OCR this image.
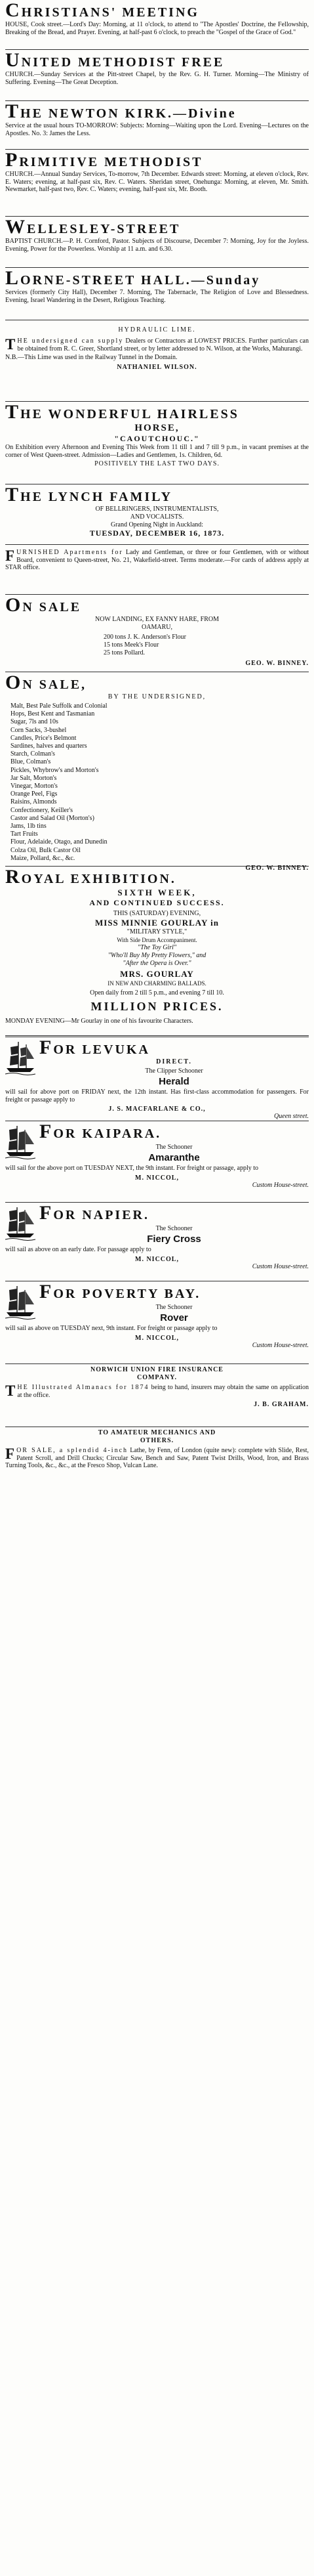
CHRISTIANS' MEETING

HOUSE, Cook street.—Lord's Day: Morning, at 11 o'clock, to attend to "The Apostles' Doctrine, the Fellowship, Breaking of the Bread, and Prayer. Evening, at half-past 6 o'clock, to preach the "Gospel of the Grace of God."

UNITED METHODIST FREE

CHURCH.—Sunday Services at the Pitt-street Chapel, by the Rev. G. H. Turner. Morning—The Ministry of Suffering. Evening—The Great Deception.

THE NEWTON KIRK.—Divine

Service at the usual hours TO-MORROW: Subjects: Morning—Waiting upon the Lord. Evening—Lectures on the Apostles. No. 3: James the Less.

PRIMITIVE METHODIST

CHURCH.—Annual Sunday Services, To-morrow, 7th December. Edwards street: Morning, at eleven o'clock, Rev. E. Waters; evening, at half-past six, Rev. C. Waters. Sheridan street, Onehunga: Morning, at eleven, Mr. Smith. Newmarket, half-past two, Rev. C. Waters; evening, half-past six, Mr. Booth.

WELLESLEY-STREET

BAPTIST CHURCH.—P. H. Cornford, Pastor. Subjects of Discourse, December 7: Morning, Joy for the Joyless. Evening, Power for the Powerless. Worship at 11 a.m. and 6.30.

LORNE-STREET HALL.—Sunday

Services (formerly City Hall), December 7. Morning, The Tabernacle, The Religion of Love and Blessedness. Evening, Israel Wandering in the Desert, Religious Teaching.

HYDRAULIC LIME.

THE undersigned can supply Dealers or Contractors at LOWEST PRICES. Further particulars can be obtained from R. C. Greer, Shortland street, or by letter addressed to N. Wilson, at the Works, Mahurangi.

N.B.—This Lime was used in the Railway Tunnel in the Domain.

NATHANIEL WILSON.
THE WONDERFUL HAIRLESS
HORSE,
"CAOUTCHOUC."

On Exhibition every Afternoon and Evening This Week from 11 till 1 and 7 till 9 p.m., in vacant premises at the corner of West Queen-street. Admission—Ladies and Gentlemen, 1s. Children, 6d.

POSITIVELY THE LAST TWO DAYS.
THE LYNCH FAMILY
OF BELLRINGERS, INSTRUMENTALISTS,
AND VOCALISTS.
Grand Opening Night in Auckland:
TUESDAY, DECEMBER 16, 1873.

FURNISHED Apartments for Lady and Gentleman, or three or four Gentlemen, with or without Board, convenient to Queen-street, No. 21, Wakefield-street. Terms moderate.—For cards of address apply at STAR office.

ON SALE
NOW LANDING, EX FANNY HARE, FROM
OAMARU,
200 tons J. K. Anderson's Flour
15 tons Meek's Flour
25 tons Pollard.
GEO. W. BINNEY.
ON SALE,
BY THE UNDERSIGNED,
Malt, Best Pale Suffolk and Colonial
Hops, Best Kent and Tasmanian
Sugar, 7ls and 10s
Corn Sacks, 3-bushel
Candles, Price's Belmont
Sardines, halves and quarters
Starch, Colman's
Blue, Colman's
Pickles, Whybrow's and Morton's
Jar Salt, Morton's
Vinegar, Morton's
Orange Peel, Figs
Raisins, Almonds
Confectionery, Keiller's
Castor and Salad Oil (Morton's)
Jams, 1lb tins
Tart Fruits
Flour, Adelaide, Otago, and Dunedin
Colza Oil, Bulk Castor Oil
Maize, Pollard, &c., &c.
GEO. W. BINNEY.
ROYAL EXHIBITION.
SIXTH WEEK,
AND CONTINUED SUCCESS.
THIS (SATURDAY) EVENING,
MISS MINNIE GOURLAY in
"MILITARY STYLE,"
With Side Drum Accompaniment.
"The Toy Girl"
"Who'll Buy My Pretty Flowers," and
"After the Opera is Over."
MRS. GOURLAY
IN NEW AND CHARMING BALLADS.
Open daily from 2 till 5 p.m., and evening 7 till 10.
MILLION PRICES.

MONDAY EVENING—Mr Gourlay in one of his favourite Characters.

FOR LEVUKA
DIRECT.
The Clipper Schooner
Herald

will sail for above port on FRIDAY next, the 12th instant. Has first-class accommodation for passengers. For freight or passage apply to

J. S. MACFARLANE & CO.,
Queen street.
FOR KAIPARA.
The Schooner
Amaranthe

will sail for the above port on TUESDAY NEXT, the 9th instant. For freight or passage, apply to

M. NICCOL,
Custom House-street.
FOR NAPIER.
The Schooner
Fiery Cross

will sail as above on an early date. For passage apply to

M. NICCOL,
Custom House-street.
FOR POVERTY BAY.
The Schooner
Rover

will sail as above on TUESDAY next, 9th instant. For freight or passage apply to

M. NICCOL,
Custom House-street.
NORWICH UNION FIRE INSURANCE
COMPANY.

THE Illustrated Almanacs for 1874 being to hand, insurers may obtain the same on application at the office.

J. B. GRAHAM.
TO AMATEUR MECHANICS AND
OTHERS.

FOR SALE, a splendid 4-inch Lathe, by Fenn, of London (quite new): complete with Slide, Rest, Patent Scroll, and Drill Chucks; Circular Saw, Bench and Saw, Patent Twist Drills, Wood, Iron, and Brass Turning Tools, &c., &c., at the Fresco Shop, Vulcan Lane.
